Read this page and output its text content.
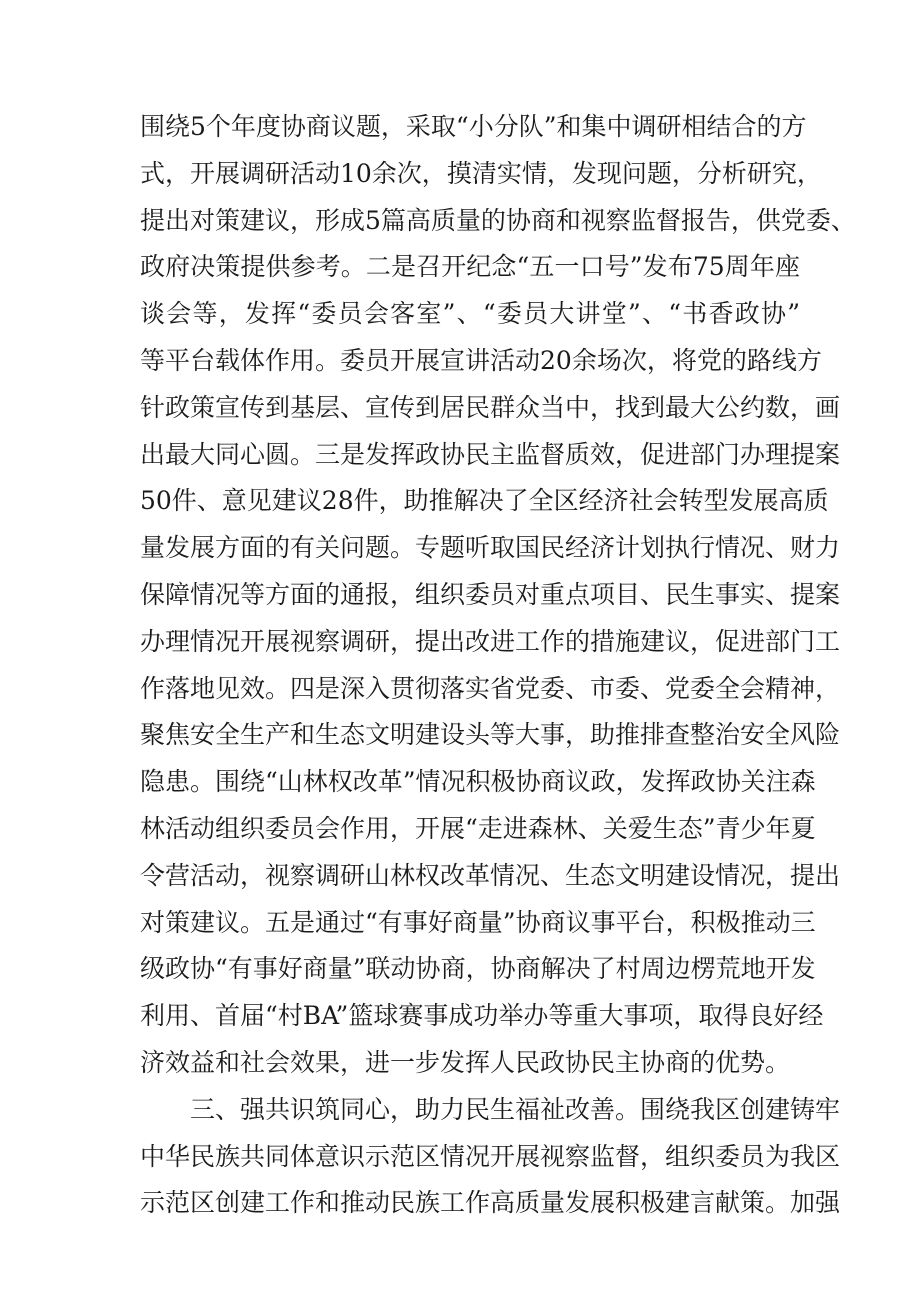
围绕5个年度协商议题，采取“小分队”和集中调研相结合的方
式，开展调研活动10余次，摸清实情，发现问题，分析研究，
提出对策建议，形成5篇高质量的协商和视察监督报告，供党委、
政府决策提供参考。二是召开纪念“五一口号”发布75周年座
谈会等，发挥“委员会客室”、“委员大讲堂”、“书香政协”
等平台载体作用。委员开展宣讲活动20余场次，将党的路线方
针政策宣传到基层、宣传到居民群众当中，找到最大公约数，画
出最大同心圆。三是发挥政协民主监督质效，促进部门办理提案
50件、意见建议28件，助推解决了全区经济社会转型发展高质
量发展方面的有关问题。专题听取国民经济计划执行情况、财力
保障情况等方面的通报，组织委员对重点项目、民生事实、提案
办理情况开展视察调研，提出改进工作的措施建议，促进部门工
作落地见效。四是深入贯彻落实省党委、市委、党委全会精神，
聚焦安全生产和生态文明建设头等大事，助推排查整治安全风险
隐患。围绕“山林权改革”情况积极协商议政，发挥政协关注森
林活动组织委员会作用，开展“走进森林、关爱生态”青少年夏
令营活动，视察调研山林权改革情况、生态文明建设情况，提出
对策建议。五是通过“有事好商量”协商议事平台，积极推动三
级政协“有事好商量”联动协商，协商解决了村周边楞荒地开发
利用、首届“村BA”篮球赛事成功举办等重大事项，取得良好经
济效益和社会效果，进一步发挥人民政协民主协商的优势。
三、强共识筑同心，助力民生福祉改善。围绕我区创建铸牢
中华民族共同体意识示范区情况开展视察监督，组织委员为我区
示范区创建工作和推动民族工作高质量发展积极建言献策。加强
